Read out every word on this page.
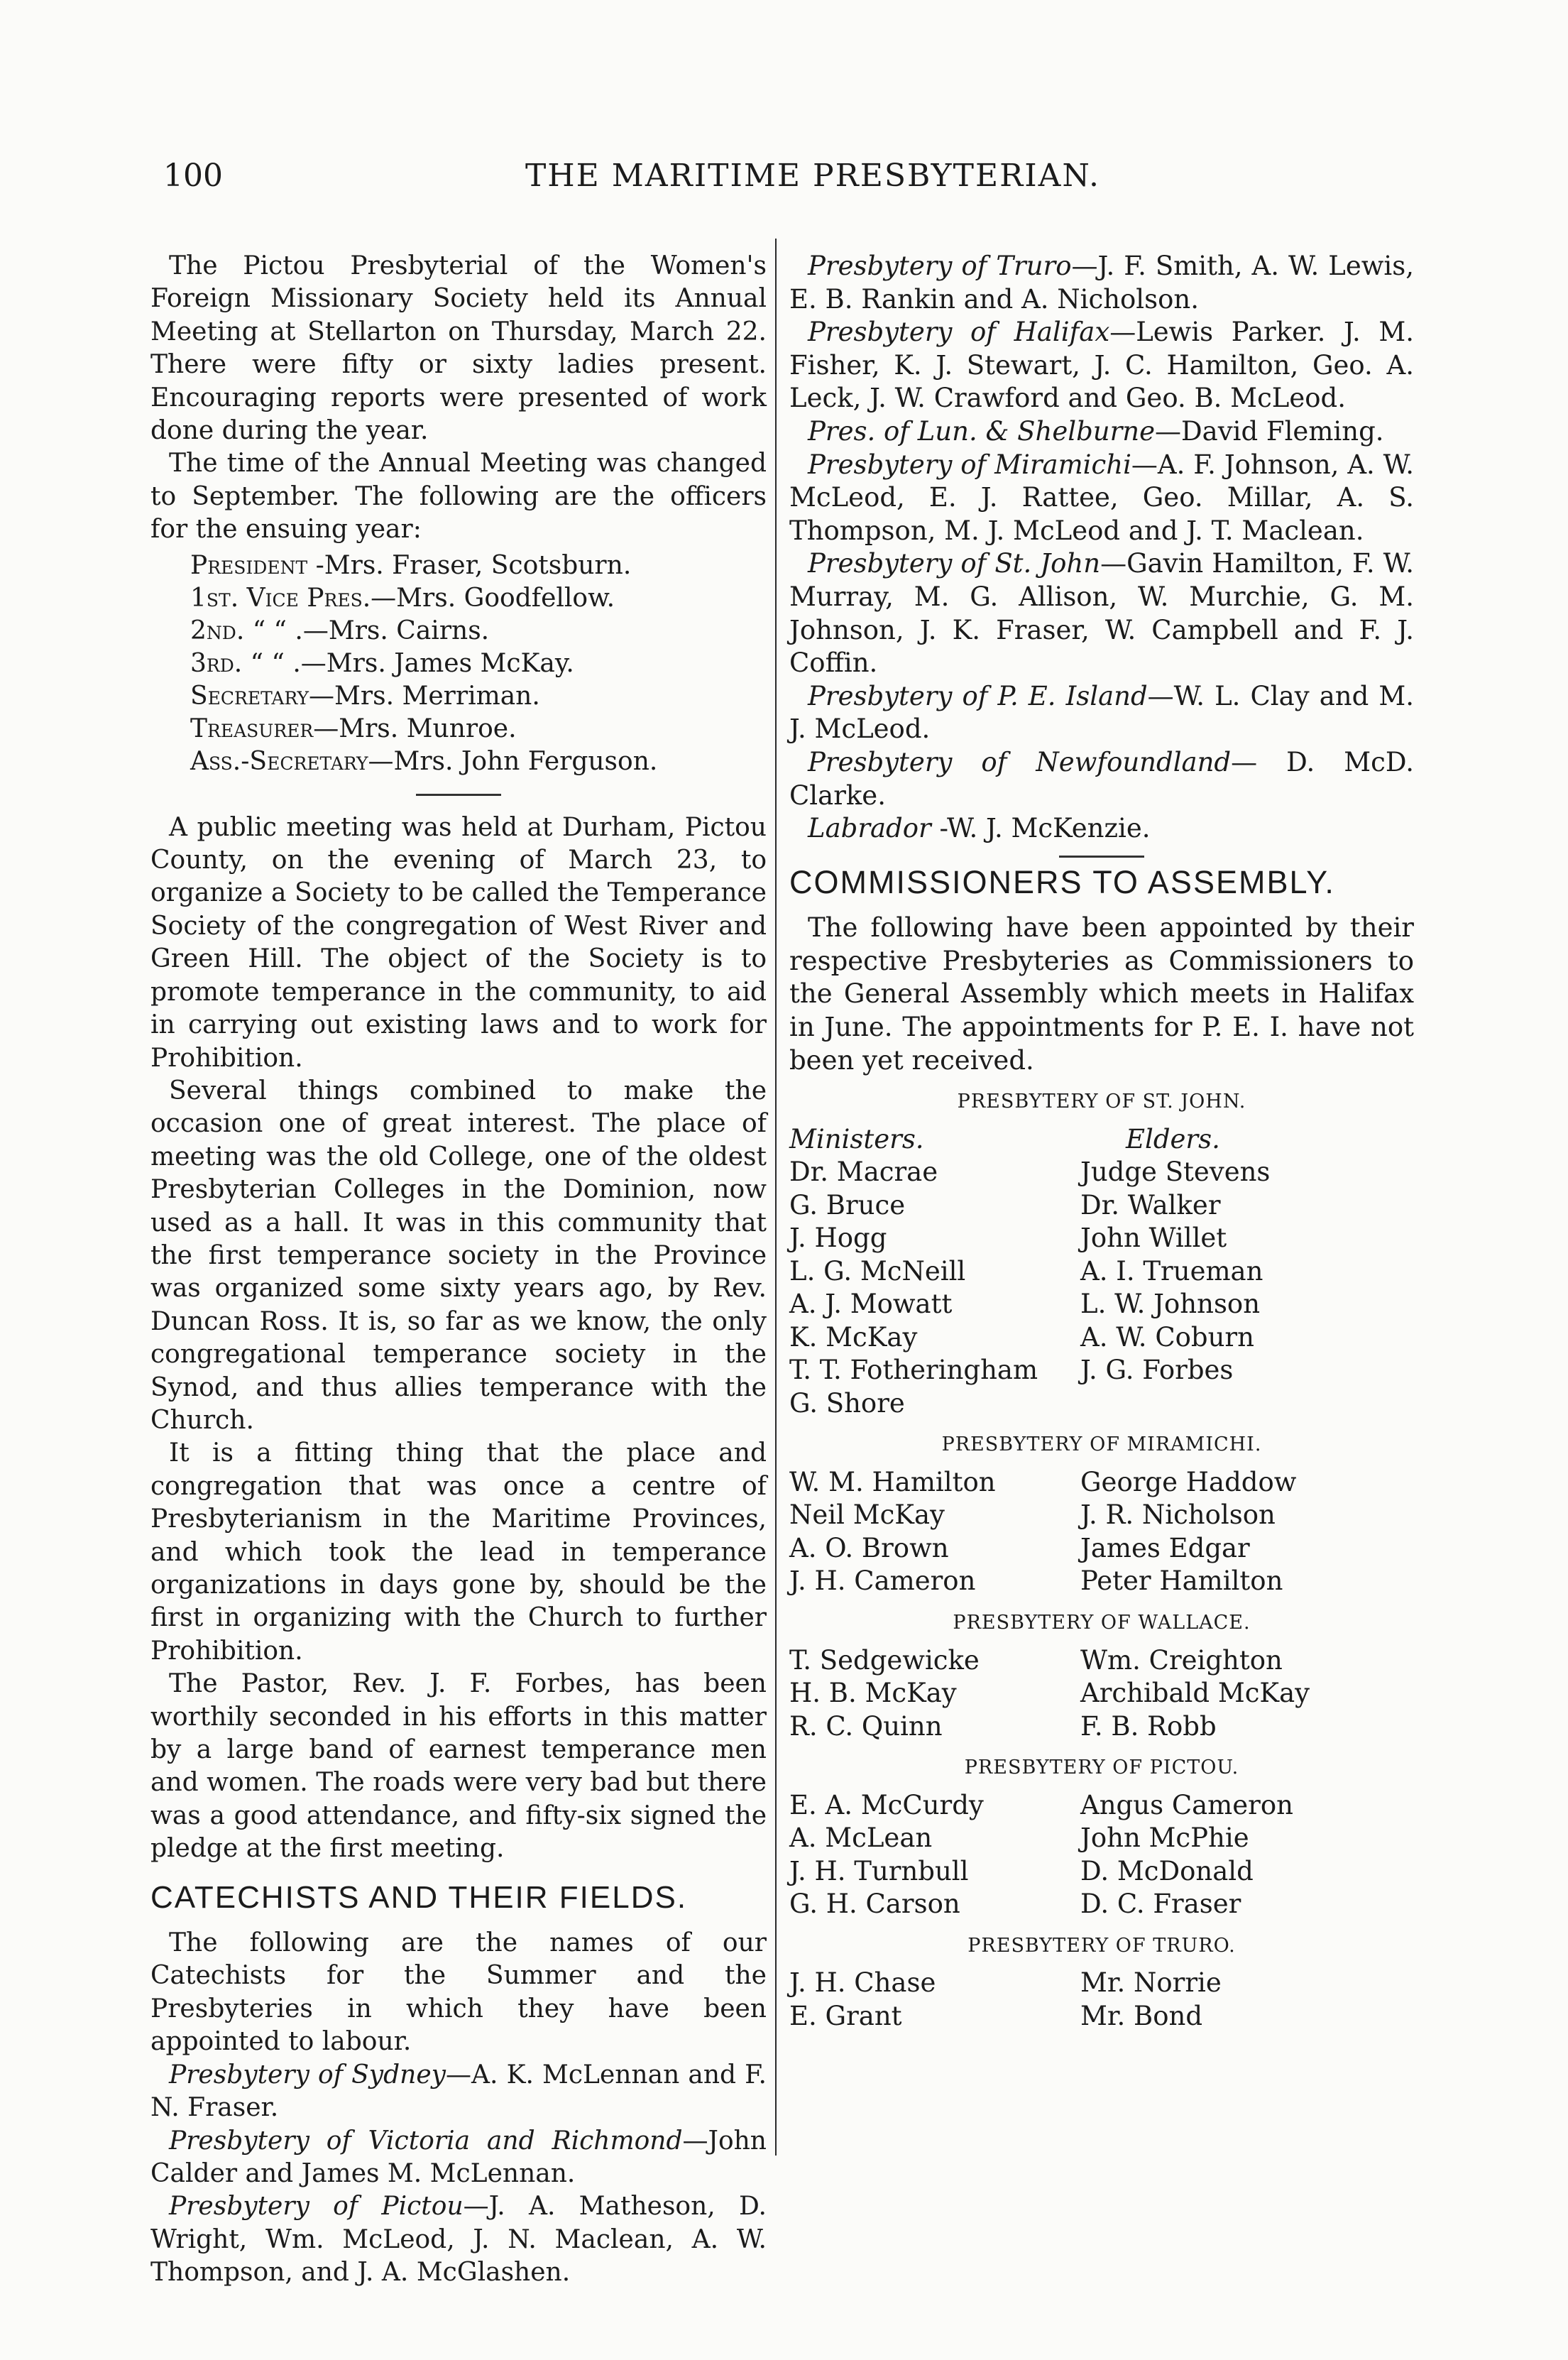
100	THE MARITIME PRESBYTERIAN.

The Pictou Presbyterial of the Women's Foreign Missionary Society held its Annual Meeting at Stellarton on Thursday, March 22. There were fifty or sixty ladies present. Encouraging reports were presented of work done during the year.

The time of the Annual Meeting was changed to September. The following are the officers for the ensuing year:

President -Mrs. Fraser, Scotsburn.
1st. Vice Pres.—Mrs. Goodfellow.
2nd. “ “ .—Mrs. Cairns.
3rd. “ “ .—Mrs. James McKay.
Secretary—Mrs. Merriman.
Treasurer—Mrs. Munroe.
Ass.-Secretary—Mrs. John Ferguson.

A public meeting was held at Durham, Pictou County, on the evening of March 23, to organize a Society to be called the Temperance Society of the congregation of West River and Green Hill. The object of the Society is to promote temperance in the community, to aid in carrying out existing laws and to work for Prohibition.

Several things combined to make the occasion one of great interest. The place of meeting was the old College, one of the oldest Presbyterian Colleges in the Dominion, now used as a hall. It was in this community that the first temperance society in the Province was organized some sixty years ago, by Rev. Duncan Ross. It is, so far as we know, the only congregational temperance society in the Synod, and thus allies temperance with the Church.

It is a fitting thing that the place and congregation that was once a centre of Presbyterianism in the Maritime Provinces, and which took the lead in temperance organizations in days gone by, should be the first in organizing with the Church to further Prohibition.

The Pastor, Rev. J. F. Forbes, has been worthily seconded in his efforts in this matter by a large band of earnest temperance men and women. The roads were very bad but there was a good attendance, and fifty-six signed the pledge at the first meeting.

CATECHISTS AND THEIR FIELDS.

The following are the names of our Catechists for the Summer and the Presbyteries in which they have been appointed to labour.

Presbytery of Sydney—A. K. McLennan and F. N. Fraser.

Presbytery of Victoria and Richmond—John Calder and James M. McLennan.

Presbytery of Pictou—J. A. Matheson, D. Wright, Wm. McLeod, J. N. Maclean, A. W. Thompson, and J. A. McGlashen.

Presbytery of Truro—J. F. Smith, A. W. Lewis, E. B. Rankin and A. Nicholson.

Presbytery of Halifax—Lewis Parker. J. M. Fisher, K. J. Stewart, J. C. Hamilton, Geo. A. Leck, J. W. Crawford and Geo. B. McLeod.

Pres. of Lun. & Shelburne—David Fleming.

Presbytery of Miramichi—A. F. Johnson, A. W. McLeod, E. J. Rattee, Geo. Millar, A. S. Thompson, M. J. McLeod and J. T. Maclean.

Presbytery of St. John—Gavin Hamilton, F. W. Murray, M. G. Allison, W. Murchie, G. M. Johnson, J. K. Fraser, W. Campbell and F. J. Coffin.

Presbytery of P. E. Island—W. L. Clay and M. J. McLeod.

Presbytery of Newfoundland— D. McD. Clarke.

Labrador -W. J. McKenzie.

COMMISSIONERS TO ASSEMBLY.

The following have been appointed by their respective Presbyteries as Commissioners to the General Assembly which meets in Halifax in June. The appointments for P. E. I. have not been yet received.

PRESBYTERY OF ST. JOHN.
Ministers.	Elders.
Dr. Macrae	Judge Stevens
G. Bruce	Dr. Walker
J. Hogg	John Willet
L. G. McNeill	A. I. Trueman
A. J. Mowatt	L. W. Johnson
K. McKay	A. W. Coburn
T. T. Fotheringham	J. G. Forbes
G. Shore	
PRESBYTERY OF MIRAMICHI.
W. M. Hamilton	George Haddow
Neil McKay	J. R. Nicholson
A. O. Brown	James Edgar
J. H. Cameron	Peter Hamilton
PRESBYTERY OF WALLACE.
T. Sedgewicke	Wm. Creighton
H. B. McKay	Archibald McKay
R. C. Quinn	F. B. Robb
PRESBYTERY OF PICTOU.
E. A. McCurdy	Angus Cameron
A. McLean	John McPhie
J. H. Turnbull	D. McDonald
G. H. Carson	D. C. Fraser
PRESBYTERY OF TRURO.
J. H. Chase	Mr. Norrie
E. Grant	Mr. Bond
